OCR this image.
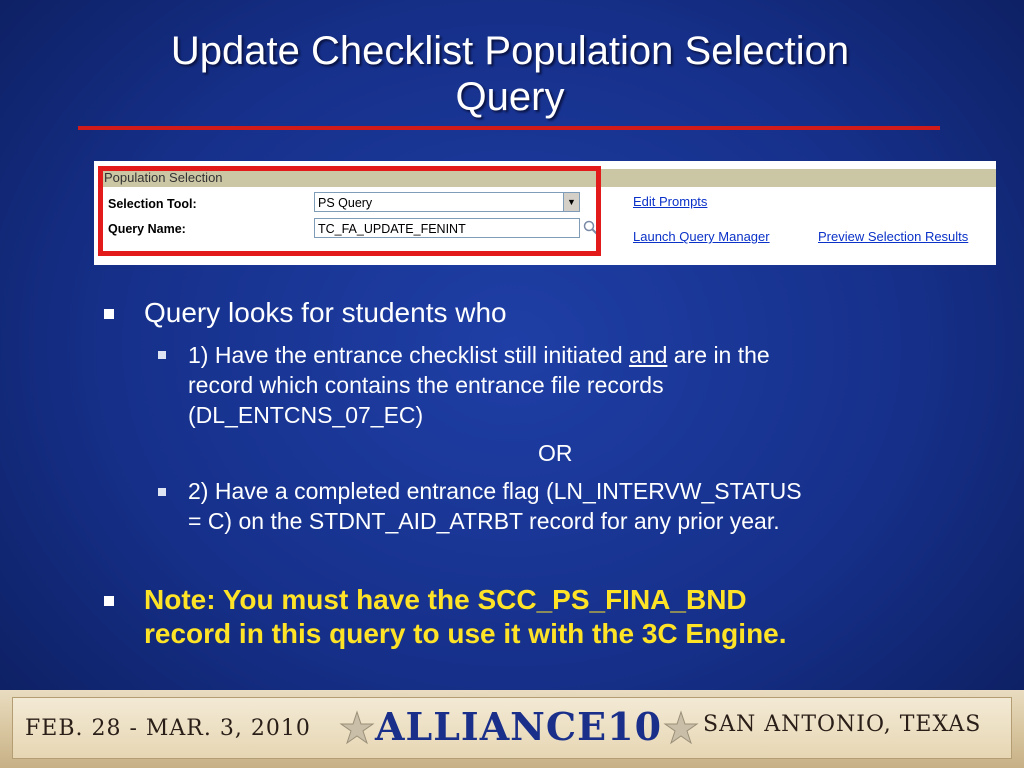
Update Checklist Population Selection
Query
Population Selection
Selection Tool:	PS Query	▼
Query Name:	TC_FA_UPDATE_FENINT
Edit Prompts
Launch Query Manager	Preview Selection Results
Query looks for students who
1) Have the entrance checklist still initiated and are in the
record which contains the entrance file records
(DL_ENTCNS_07_EC)
OR
2) Have a completed entrance flag (LN_INTERVW_STATUS
= C) on the STDNT_AID_ATRBT record for any prior year.
Note: You must have the SCC_PS_FINA_BND
record in this query to use it with the 3C Engine.
FEB. 28 - MAR. 3, 2010 ALLIANCE10 SAN ANTONIO, TEXAS
